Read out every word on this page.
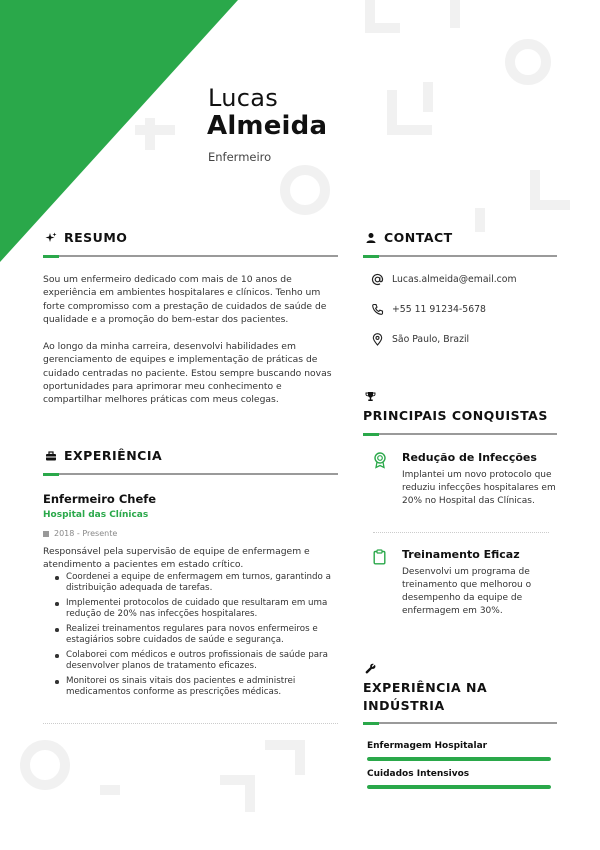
Lucas
Almeida
Enfermeiro
RESUMO
Sou um enfermeiro dedicado com mais de 10 anos de experiência em ambientes hospitalares e clínicos. Tenho um forte compromisso com a prestação de cuidados de saúde de qualidade e a promoção do bem-estar dos pacientes.
Ao longo da minha carreira, desenvolvi habilidades em gerenciamento de equipes e implementação de práticas de cuidado centradas no paciente. Estou sempre buscando novas oportunidades para aprimorar meu conhecimento e compartilhar melhores práticas com meus colegas.
EXPERIÊNCIA
Enfermeiro Chefe
Hospital das Clínicas
2018 - Presente
Responsável pela supervisão de equipe de enfermagem e atendimento a pacientes em estado crítico.
Coordenei a equipe de enfermagem em turnos, garantindo a distribuição adequada de tarefas.
Implementei protocolos de cuidado que resultaram em uma redução de 20% nas infecções hospitalares.
Realizei treinamentos regulares para novos enfermeiros e estagiários sobre cuidados de saúde e segurança.
Colaborei com médicos e outros profissionais de saúde para desenvolver planos de tratamento eficazes.
Monitorei os sinais vitais dos pacientes e administrei medicamentos conforme as prescrições médicas.
CONTACT
Lucas.almeida@email.com
+55 11 91234-5678
São Paulo, Brazil
PRINCIPAIS CONQUISTAS
Redução de Infecções
Implantei um novo protocolo que reduziu infecções hospitalares em 20% no Hospital das Clínicas.
Treinamento Eficaz
Desenvolvi um programa de treinamento que melhorou o desempenho da equipe de enfermagem em 30%.
EXPERIÊNCIA NA
INDÚSTRIA
Enfermagem Hospitalar
Cuidados Intensivos
